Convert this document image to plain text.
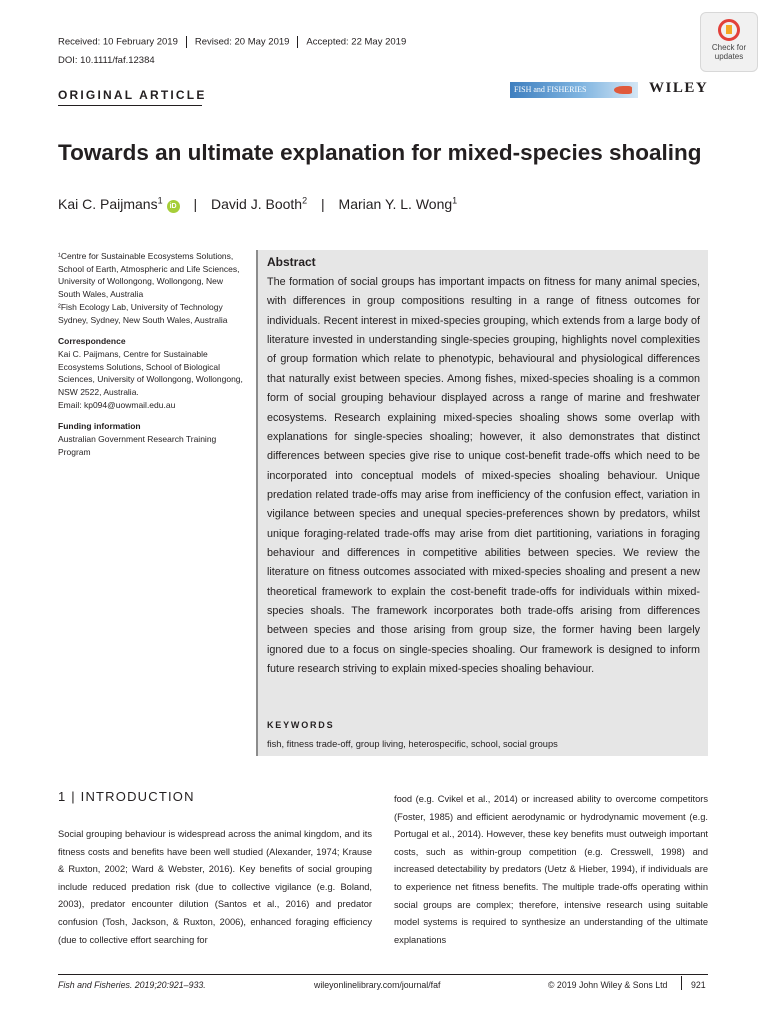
Received: 10 February 2019 Revised: 20 May 2019 Accepted: 22 May 2019
DOI: 10.1111/faf.12384
ORIGINAL ARTICLE
Check for
updates
FISH and FISHERIES	WILEY
Towards an ultimate explanation for mixed-species shoaling
Kai C. Paijmans$^1$iD | David J. Booth$^2$ | Marian Y. L. Wong$^1$

¹Centre for Sustainable Ecosystems Solutions, School of Earth, Atmospheric and Life Sciences, University of Wollongong, Wollongong, New South Wales, Australia

²Fish Ecology Lab, University of Technology Sydney, Sydney, New South Wales, Australia

Correspondence

Kai C. Paijmans, Centre for Sustainable Ecosystems Solutions, School of Biological Sciences, University of Wollongong, Wollongong, NSW 2522, Australia.

Email: kp094@uowmail.edu.au

Funding information

Australian Government Research Training Program

Abstract
The formation of social groups has important impacts on fitness for many animal species, with differences in group compositions resulting in a range of fitness outcomes for individuals. Recent interest in mixed-species grouping, which extends from a large body of literature invested in understanding single-species grouping, highlights novel complexities of group formation which relate to phenotypic, behavioural and physiological differences that naturally exist between species. Among fishes, mixed-species shoaling is a common form of social grouping behaviour displayed across a range of marine and freshwater ecosystems. Research explaining mixed-species shoaling shows some overlap with explanations for single-species shoaling; however, it also demonstrates that distinct differences between species give rise to unique cost-benefit trade-offs which need to be incorporated into conceptual models of mixed-species shoaling behaviour. Unique predation related trade-offs may arise from inefficiency of the confusion effect, variation in vigilance between species and unequal species-preferences shown by predators, whilst unique foraging-related trade-offs may arise from diet partitioning, variations in foraging behaviour and differences in competitive abilities between species. We review the literature on fitness outcomes associated with mixed-species shoaling and present a new theoretical framework to explain the cost-benefit trade-offs for individuals within mixed-species shoals. The framework incorporates both trade-offs arising from differences between species and those arising from group size, the former having been largely ignored due to a focus on single-species shoaling. Our framework is designed to inform future research striving to explain mixed-species shoaling behaviour.
KEYWORDS
fish, fitness trade-off, group living, heterospecific, school, social groups
1 | INTRODUCTION
Social grouping behaviour is widespread across the animal kingdom, and its fitness costs and benefits have been well studied (Alexander, 1974; Krause & Ruxton, 2002; Ward & Webster, 2016). Key benefits of social grouping include reduced predation risk (due to collective vigilance (e.g. Boland, 2003), predator encounter dilution (Santos et al., 2016) and predator confusion (Tosh, Jackson, & Ruxton, 2006), enhanced foraging efficiency (due to collective effort searching for
food (e.g. Cvikel et al., 2014) or increased ability to overcome competitors (Foster, 1985) and efficient aerodynamic or hydrodynamic movement (e.g. Portugal et al., 2014). However, these key benefits must outweigh important costs, such as within-group competition (e.g. Cresswell, 1998) and increased detectability by predators (Uetz & Hieber, 1994), if individuals are to experience net fitness benefits. The multiple trade-offs operating within social groups are complex; therefore, intensive research using suitable model systems is required to synthesize an understanding of the ultimate explanations
Fish and Fisheries. 2019;20:921–933.	wileyonlinelibrary.com/journal/faf	© 2019 John Wiley & Sons Ltd	921
